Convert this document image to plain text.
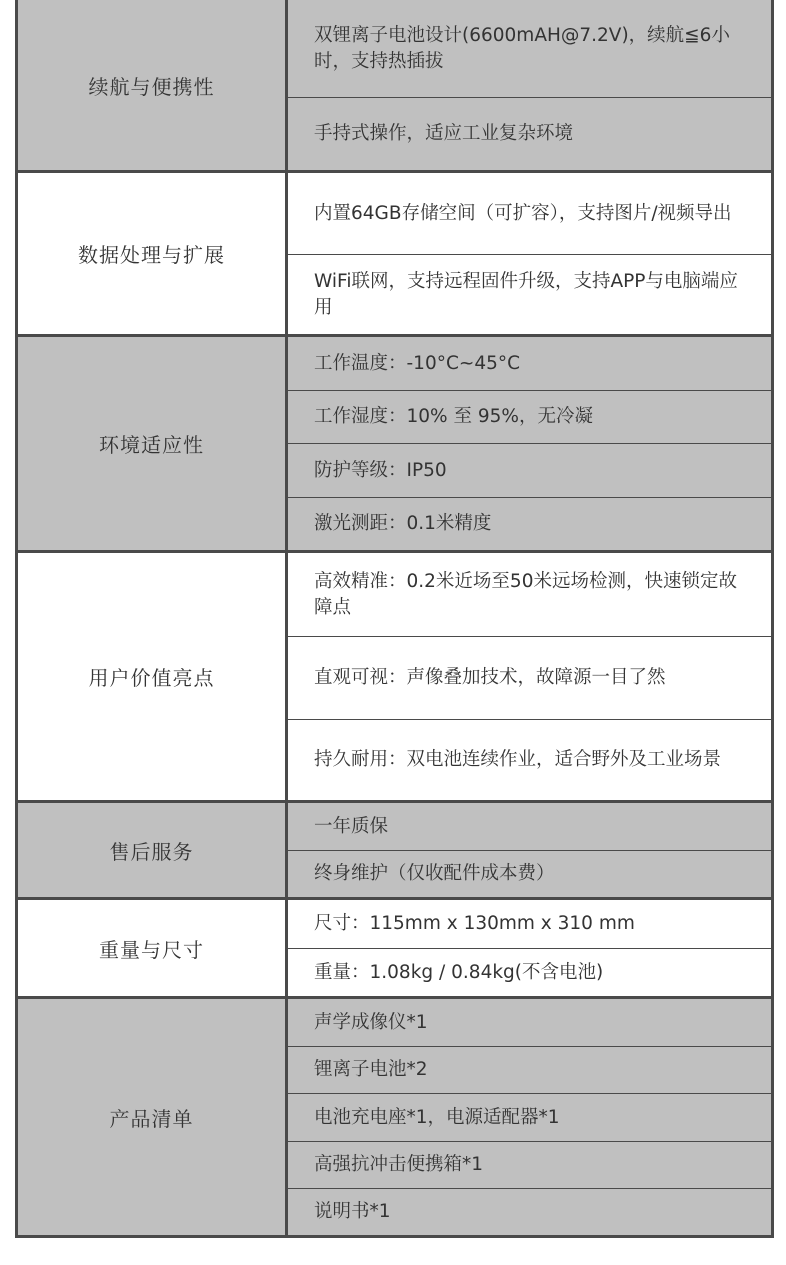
续航与便携性
双锂离子电池设计(6600mAH@7.2V)，续航≦6小时，支持热插拔
手持式操作，适应工业复杂环境
数据处理与扩展
内置64GB存储空间（可扩容），支持图片/视频导出
WiFi联网，支持远程固件升级，支持APP与电脑端应用
环境适应性
工作温度：-10°C~45°C
工作湿度：10% 至 95%，无冷凝
防护等级：IP50
激光测距：0.1米精度
用户价值亮点
高效精准：0.2米近场至50米远场检测，快速锁定故障点
直观可视：声像叠加技术，故障源一目了然
持久耐用：双电池连续作业，适合野外及工业场景
售后服务
一年质保
终身维护（仅收配件成本费）
重量与尺寸
尺寸：115mm x 130mm x 310 mm
重量：1.08kg / 0.84kg(不含电池)
产品清单
声学成像仪*1
锂离子电池*2
电池充电座*1，电源适配器*1
高强抗冲击便携箱*1
说明书*1
